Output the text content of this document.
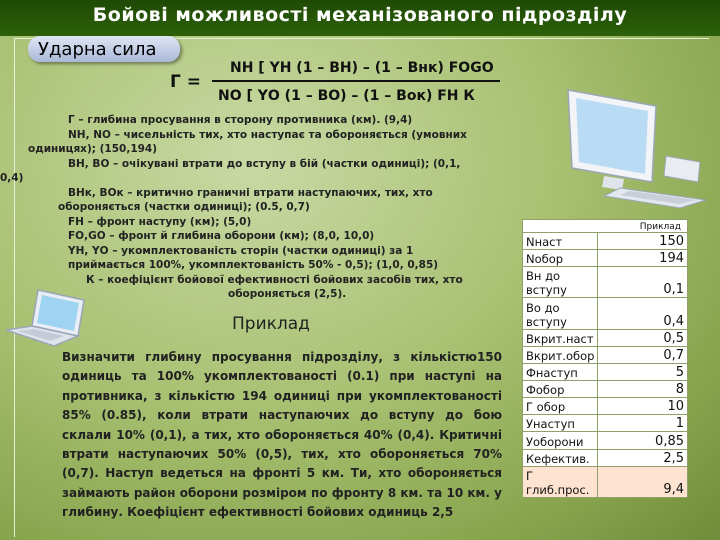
Бойові можливості механізованого підрозділу
Ударна сила
Г =
NН [ YН (1 – ВН) – (1 – Внк) FОGО
NО [ YО (1 – ВО) – (1 – Вок) FН К
Г – глибина просування в сторону противника (км). (9,4)
NH, NО – чисельність тих, хто наступає та обороняється (умовних
одиницях); (150,194)
ВН, ВО – очікувані втрати до вступу в бій (частки одиниці); (0,1,
0,4)
ВНк, ВОк – критично граничні втрати наступаючих, тих, хто
обороняється (частки одиниці); (0.5, 0,7)
FH – фронт наступу (км); (5,0)
FО,GО – фронт й глибина оборони (км); (8,0, 10,0)
YН, YО – укомплектованість сторін (частки одиниці) за 1
приймається 100%, укомплектованість 50% - 0,5); (1,0, 0,85)
К – коефіцієнт бойової ефективності бойових засобів тих, хто
обороняється (2,5).
Приклад
Визначити глибину просування підрозділу, з кількістю150 одиниць та 100% укомплектованості (0.1) при наступі на противника, з кількістю 194 одиниці при укомплектованості 85% (0.85), коли втрати наступаючих до вступу до бою склали 10% (0,1), а тих, хто обороняється 40% (0,4). Критичні втрати наступаючих 50% (0,5), тих, хто обороняється 70% (0,7). Наступ ведеться на фронті 5 км. Ти, хто обороняється займають район оборони розміром по фронту 8 км. та 10 км. у глибину. Коефіцієнт ефективності бойових одиниць 2,5
Приклад	
Nнаст	150
Nобор	194
Вн до вступу	0,1
Во до вступу	0,4
Вкрит.наст	0,5
Вкрит.обор	0,7
Фнаступ	5
Фобор	8
Г обор	10
Унаступ	1
Уоборони	0,85
Кефектив.	2,5
Г глиб.прос.	9,4
